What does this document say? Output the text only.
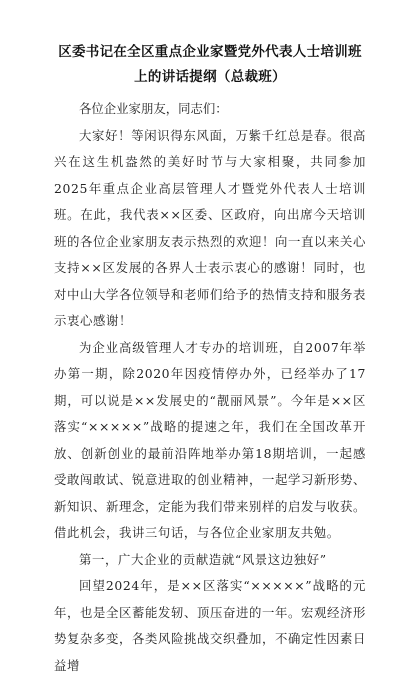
区委书记在全区重点企业家暨党外代表人士培训班上的讲话提纲（总裁班）

各位企业家朋友，同志们：

大家好！等闲识得东风面，万紫千红总是春。很高兴在这生机盎然的美好时节与大家相聚，共同参加2025年重点企业高层管理人才暨党外代表人士培训班。在此，我代表××区委、区政府，向出席今天培训班的各位企业家朋友表示热烈的欢迎！向一直以来关心支持××区发展的各界人士表示衷心的感谢！同时，也对中山大学各位领导和老师们给予的热情支持和服务表示衷心感谢！

为企业高级管理人才专办的培训班，自2007年举办第一期，除2020年因疫情停办外，已经举办了17期，可以说是××发展史的“靓丽风景”。今年是××区落实“×××××”战略的提速之年，我们在全国改革开放、创新创业的最前沿阵地举办第18期培训，一起感受敢闯敢试、锐意进取的创业精神，一起学习新形势、新知识、新理念，定能为我们带来别样的启发与收获。借此机会，我讲三句话，与各位企业家朋友共勉。

第一，广大企业的贡献造就“风景这边独好”

回望2024年，是××区落实“×××××”战略的元年，也是全区蓄能发轫、顶压奋进的一年。宏观经济形势复杂多变，各类风险挑战交织叠加，不确定性因素日益增
